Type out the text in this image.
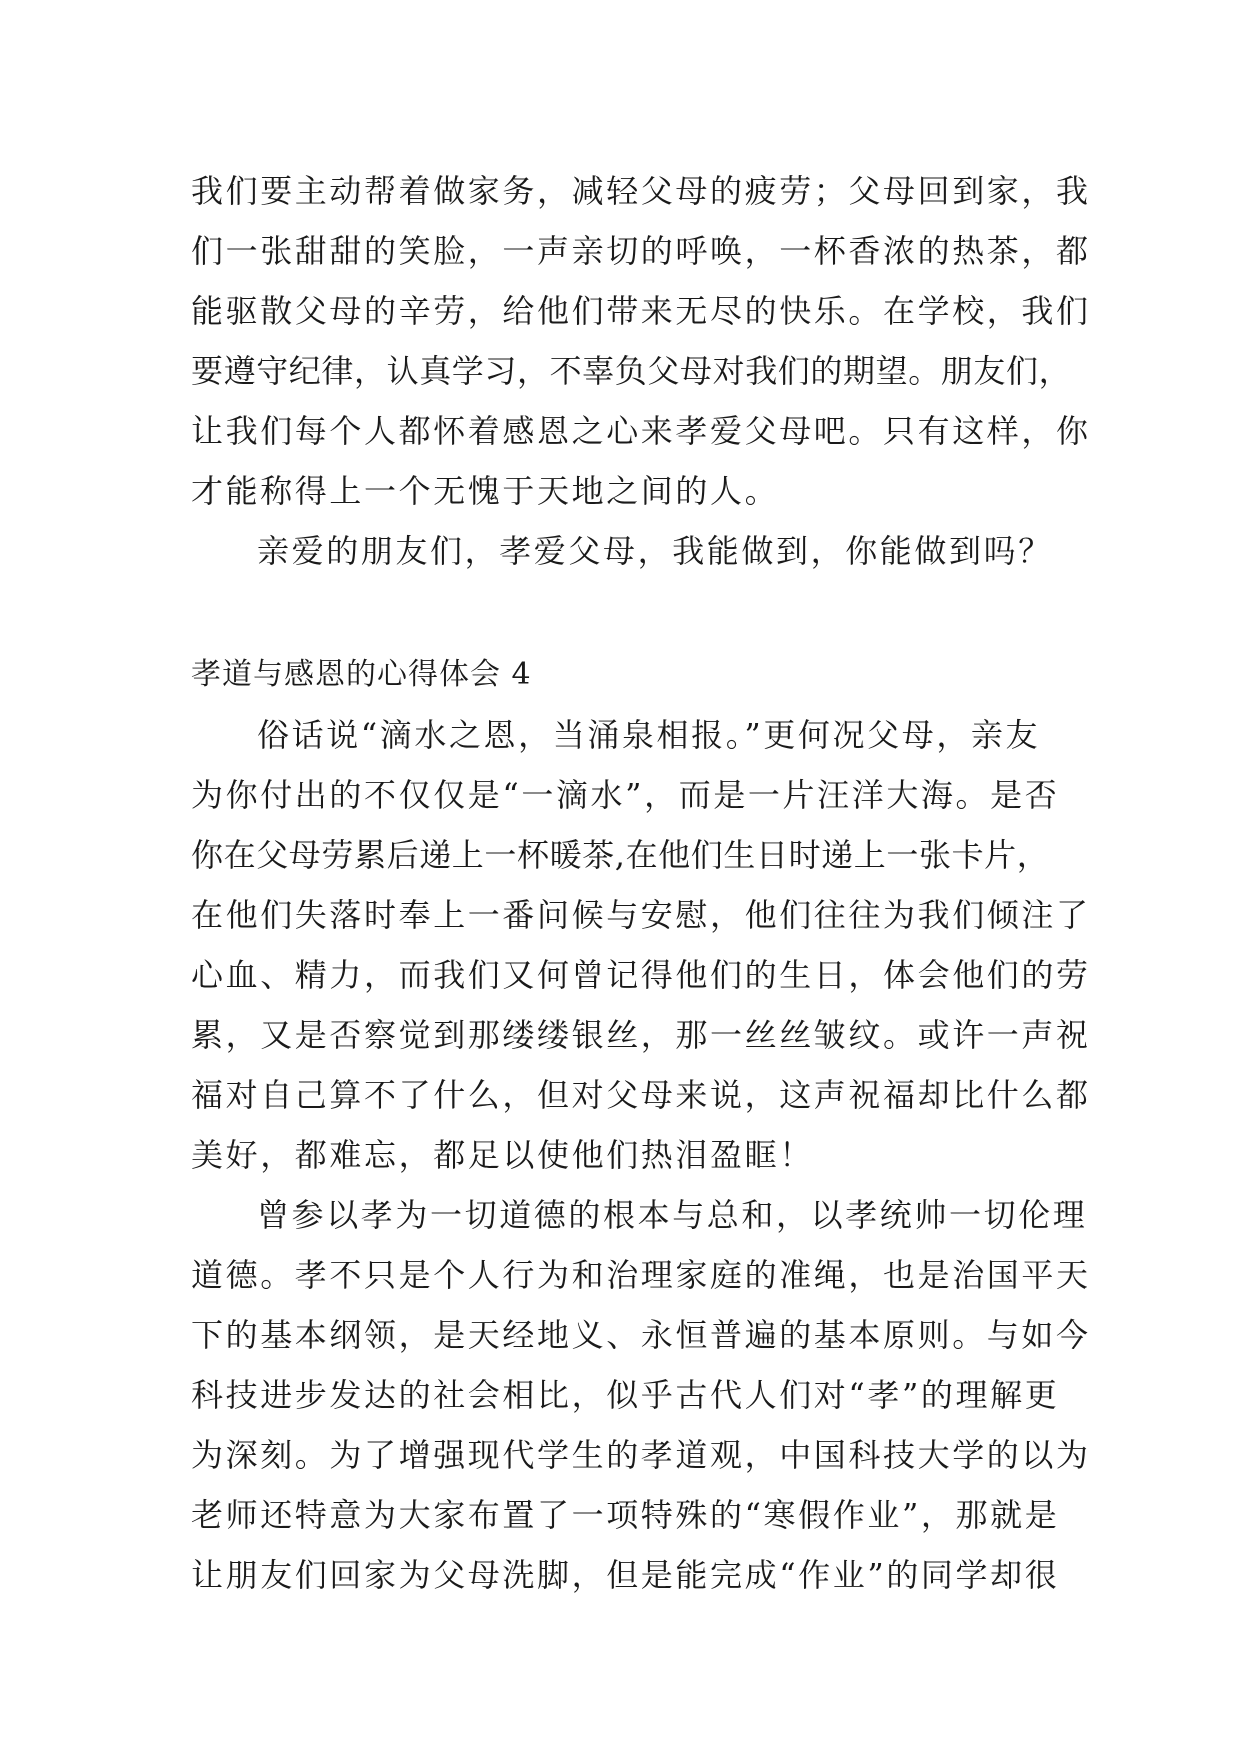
我们要主动帮着做家务，减轻父母的疲劳；父母回到家，我
们一张甜甜的笑脸，一声亲切的呼唤，一杯香浓的热茶，都
能驱散父母的辛劳，给他们带来无尽的快乐。在学校，我们
要遵守纪律，认真学习，不辜负父母对我们的期望。朋友们，
让我们每个人都怀着感恩之心来孝爱父母吧。只有这样，你
才能称得上一个无愧于天地之间的人。
亲爱的朋友们，孝爱父母，我能做到，你能做到吗？
孝道与感恩的心得体会 4
俗话说“滴水之恩，当涌泉相报。”更何况父母，亲友
为你付出的不仅仅是“一滴水”，而是一片汪洋大海。是否
你在父母劳累后递上一杯暖茶,在他们生日时递上一张卡片，
在他们失落时奉上一番问候与安慰，他们往往为我们倾注了
心血、精力，而我们又何曾记得他们的生日，体会他们的劳
累，又是否察觉到那缕缕银丝，那一丝丝皱纹。或许一声祝
福对自己算不了什么，但对父母来说，这声祝福却比什么都
美好，都难忘，都足以使他们热泪盈眶！
曾参以孝为一切道德的根本与总和，以孝统帅一切伦理
道德。孝不只是个人行为和治理家庭的准绳，也是治国平天
下的基本纲领，是天经地义、永恒普遍的基本原则。与如今
科技进步发达的社会相比，似乎古代人们对“孝”的理解更
为深刻。为了增强现代学生的孝道观，中国科技大学的以为
老师还特意为大家布置了一项特殊的“寒假作业”，那就是
让朋友们回家为父母洗脚，但是能完成“作业”的同学却很
